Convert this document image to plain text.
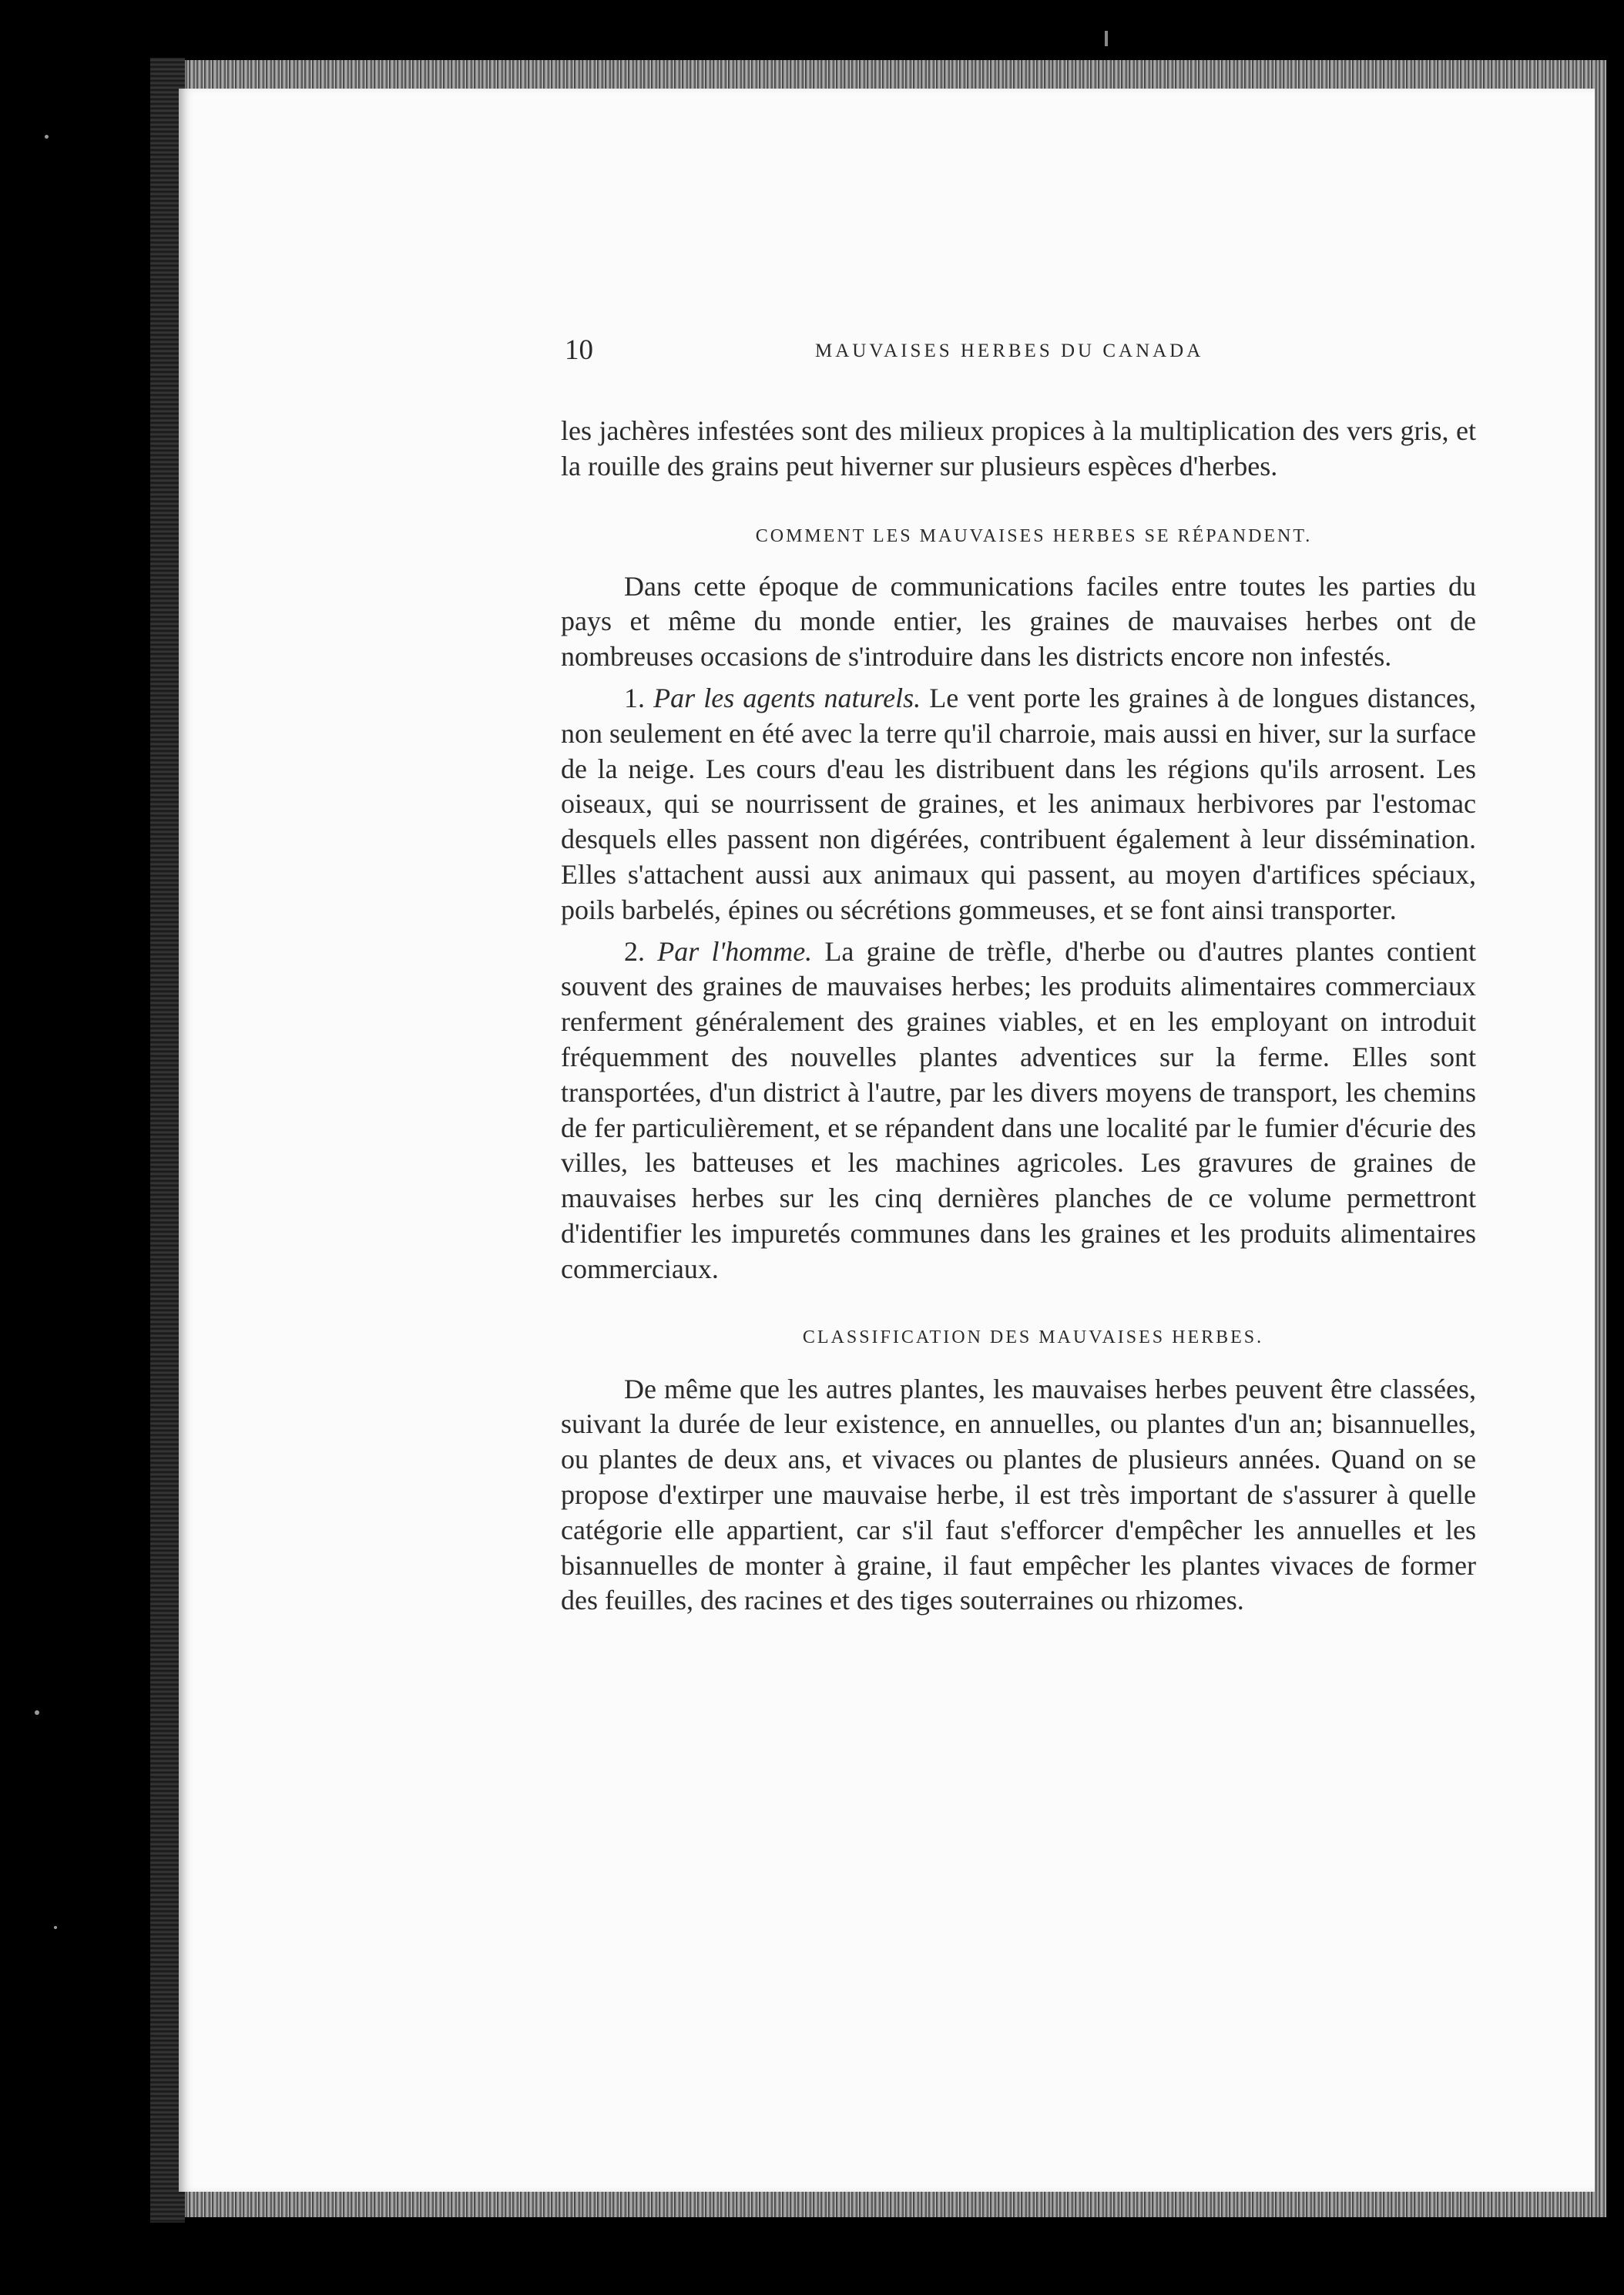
10	MAUVAISES HERBES DU CANADA

les jachères infestées sont des milieux propices à la multiplication des vers gris, et la rouille des grains peut hiverner sur plusieurs espèces d'herbes.

COMMENT LES MAUVAISES HERBES SE RÉPANDENT.

Dans cette époque de communications faciles entre toutes les parties du pays et même du monde entier, les graines de mauvaises herbes ont de nombreuses occasions de s'introduire dans les districts encore non infestés.

1. Par les agents naturels. Le vent porte les graines à de longues distances, non seulement en été avec la terre qu'il charroie, mais aussi en hiver, sur la surface de la neige. Les cours d'eau les distribuent dans les régions qu'ils arrosent. Les oiseaux, qui se nourrissent de graines, et les animaux herbivores par l'estomac desquels elles passent non digérées, contribuent également à leur dissémination. Elles s'attachent aussi aux animaux qui passent, au moyen d'artifices spéciaux, poils barbelés, épines ou sécrétions gommeuses, et se font ainsi transporter.

2. Par l'homme. La graine de trèfle, d'herbe ou d'autres plantes contient souvent des graines de mauvaises herbes; les produits alimentaires commerciaux renferment généralement des graines viables, et en les employant on introduit fréquemment des nouvelles plantes adventices sur la ferme. Elles sont transportées, d'un district à l'autre, par les divers moyens de transport, les chemins de fer particulièrement, et se répandent dans une localité par le fumier d'écurie des villes, les batteuses et les machines agricoles. Les gravures de graines de mauvaises herbes sur les cinq dernières planches de ce volume permettront d'identifier les impuretés communes dans les graines et les produits alimentaires commerciaux.

CLASSIFICATION DES MAUVAISES HERBES.

De même que les autres plantes, les mauvaises herbes peuvent être classées, suivant la durée de leur existence, en annuelles, ou plantes d'un an; bisannuelles, ou plantes de deux ans, et vivaces ou plantes de plusieurs années. Quand on se propose d'extirper une mauvaise herbe, il est très important de s'assurer à quelle catégorie elle appartient, car s'il faut s'efforcer d'empêcher les annuelles et les bisannuelles de monter à graine, il faut empêcher les plantes vivaces de former des feuilles, des racines et des tiges souterraines ou rhizomes.
